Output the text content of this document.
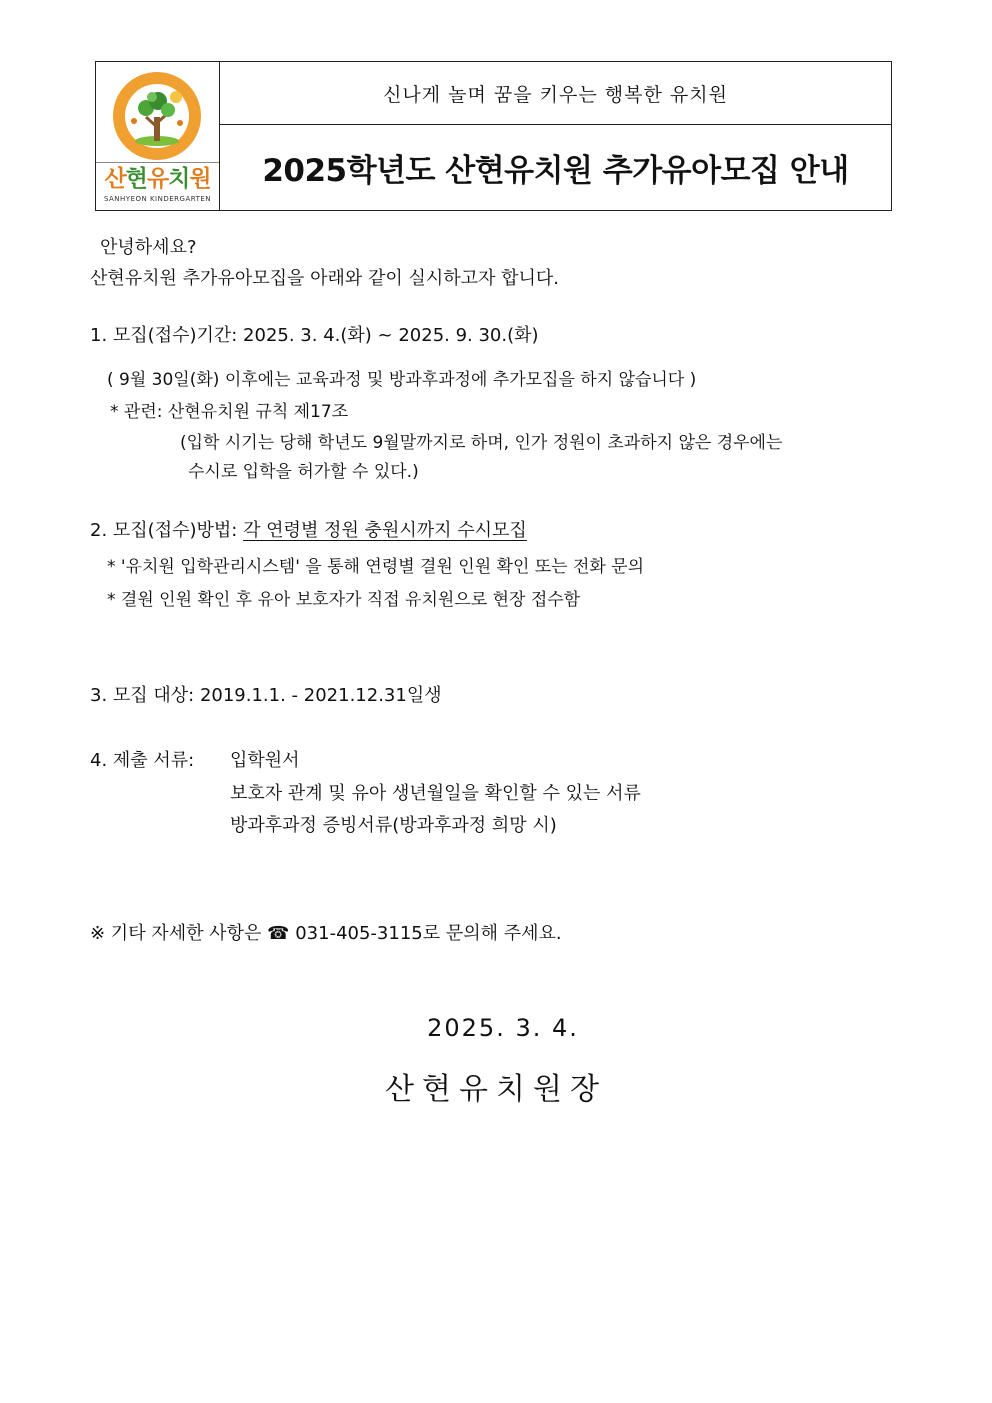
산현유치원
SANHYEON KINDERGARTEN
신나게 놀며 꿈을 키우는 행복한 유치원
2025학년도 산현유치원 추가유아모집 안내
안녕하세요?
산현유치원 추가유아모집을 아래와 같이 실시하고자 합니다.
1. 모집(접수)기간: 2025. 3. 4.(화) ~ 2025. 9. 30.(화)
( 9월 30일(화) 이후에는 교육과정 및 방과후과정에 추가모집을 하지 않습니다 )
* 관련: 산현유치원 규칙 제17조
(입학 시기는 당해 학년도 9월말까지로 하며, 인가 정원이 초과하지 않은 경우에는
수시로 입학을 허가할 수 있다.)
2. 모집(접수)방법: 각 연령별 정원 충원시까지 수시모집
* '유치원 입학관리시스템' 을 통해 연령별 결원 인원 확인 또는 전화 문의
* 결원 인원 확인 후 유아 보호자가 직접 유치원으로 현장 접수함
3. 모집 대상: 2019.1.1. - 2021.12.31일생
4. 제출 서류: 입학원서
보호자 관계 및 유아 생년월일을 확인할 수 있는 서류
방과후과정 증빙서류(방과후과정 희망 시)
※ 기타 자세한 사항은 ☎ 031-405-3115로 문의해 주세요.
2025. 3. 4.
산현유치원장
